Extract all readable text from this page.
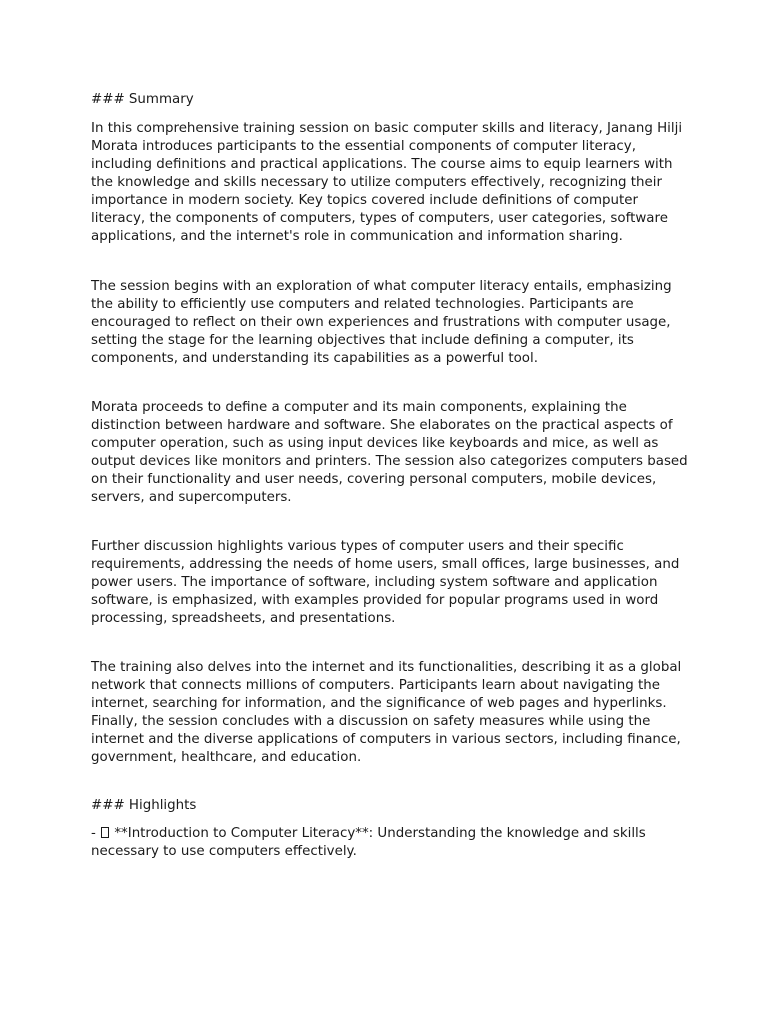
### Summary

In this comprehensive training session on basic computer skills and literacy, Janang Hilji Morata introduces participants to the essential components of computer literacy, including definitions and practical applications. The course aims to equip learners with the knowledge and skills necessary to utilize computers effectively, recognizing their importance in modern society. Key topics covered include definitions of computer literacy, the components of computers, types of computers, user categories, software applications, and the internet's role in communication and information sharing.

The session begins with an exploration of what computer literacy entails, emphasizing the ability to efficiently use computers and related technologies. Participants are encouraged to reflect on their own experiences and frustrations with computer usage, setting the stage for the learning objectives that include defining a computer, its components, and understanding its capabilities as a powerful tool.

Morata proceeds to define a computer and its main components, explaining the distinction between hardware and software. She elaborates on the practical aspects of computer operation, such as using input devices like keyboards and mice, as well as output devices like monitors and printers. The session also categorizes computers based on their functionality and user needs, covering personal computers, mobile devices, servers, and supercomputers.

Further discussion highlights various types of computer users and their specific requirements, addressing the needs of home users, small offices, large businesses, and power users. The importance of software, including system software and application software, is emphasized, with examples provided for popular programs used in word processing, spreadsheets, and presentations.

The training also delves into the internet and its functionalities, describing it as a global network that connects millions of computers. Participants learn about navigating the internet, searching for information, and the significance of web pages and hyperlinks. Finally, the session concludes with a discussion on safety measures while using the internet and the diverse applications of computers in various sectors, including finance, government, healthcare, and education.

### Highlights

-  **Introduction to Computer Literacy**: Understanding the knowledge and skills necessary to use computers effectively.
